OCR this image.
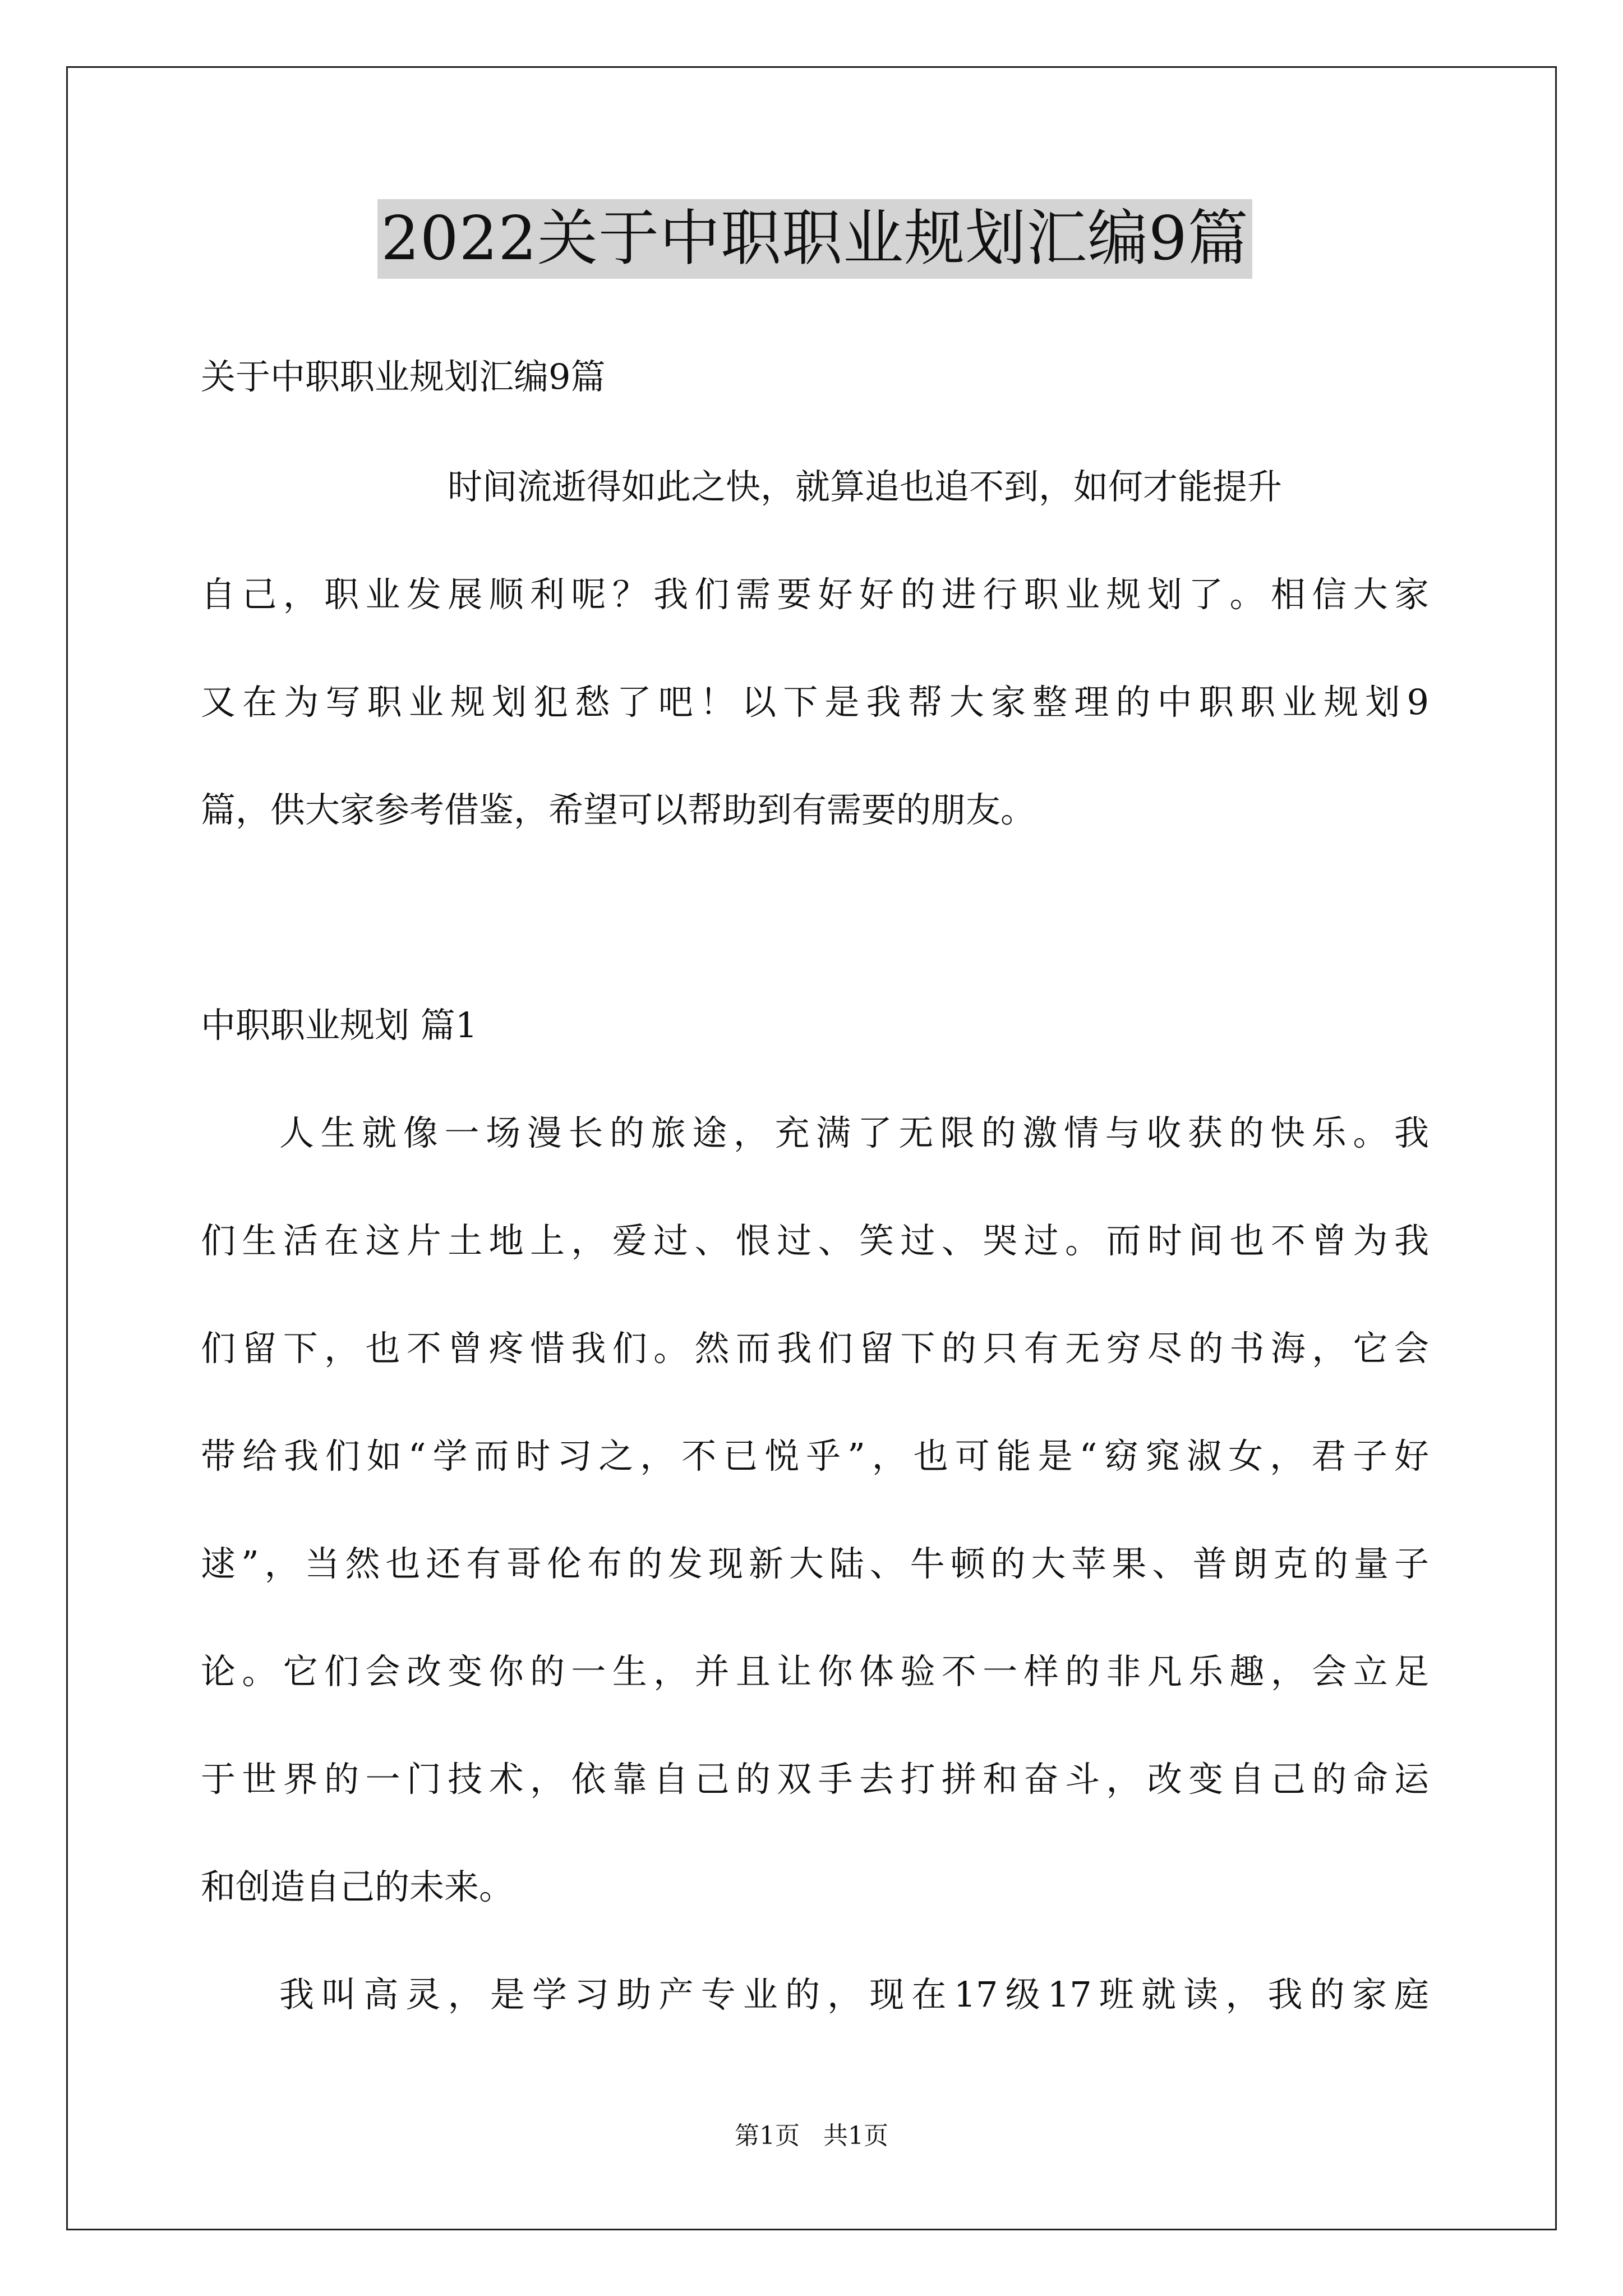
2022关于中职职业规划汇编9篇
关于中职职业规划汇编9篇
时间流逝得如此之快，就算追也追不到，如何才能提升
自己，职业发展顺利呢？我们需要好好的进行职业规划了。相信大家
又在为写职业规划犯愁了吧！以下是我帮大家整理的中职职业规划9
篇，供大家参考借鉴，希望可以帮助到有需要的朋友。
中职职业规划 篇1
人生就像一场漫长的旅途，充满了无限的激情与收获的快乐。我
们生活在这片土地上，爱过、恨过、笑过、哭过。而时间也不曾为我
们留下，也不曾疼惜我们。然而我们留下的只有无穷尽的书海，它会
带给我们如“学而时习之，不已悦乎”，也可能是“窈窕淑女，君子好
逑”，当然也还有哥伦布的发现新大陆、牛顿的大苹果、普朗克的量子
论。它们会改变你的一生，并且让你体验不一样的非凡乐趣，会立足
于世界的一门技术，依靠自己的双手去打拼和奋斗，改变自己的命运
和创造自己的未来。
我叫高灵，是学习助产专业的，现在17级17班就读，我的家庭
第1页   共1页
